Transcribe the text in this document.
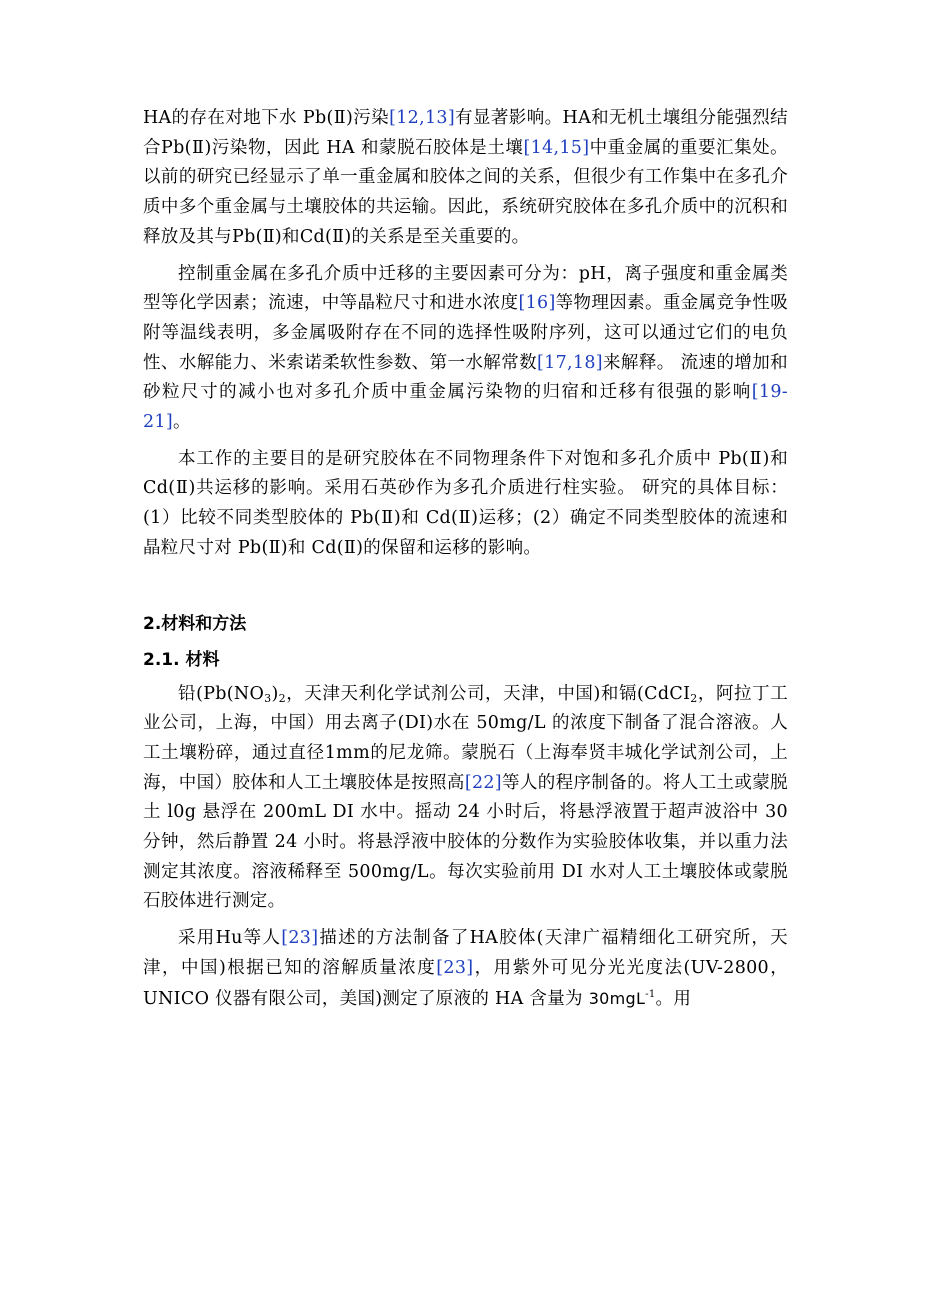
HA的存在对地下水 Pb(Ⅱ)污染[12,13]有显著影响。HA和无机土壤组分能强烈结合Pb(Ⅱ)污染物，因此 HA 和蒙脱石胶体是土壤[14,15]中重金属的重要汇集处。以前的研究已经显示了单一重金属和胶体之间的关系，但很少有工作集中在多孔介质中多个重金属与土壤胶体的共运输。因此，系统研究胶体在多孔介质中的沉积和释放及其与Pb(Ⅱ)和Cd(Ⅱ)的关系是至关重要的。

控制重金属在多孔介质中迁移的主要因素可分为：pH，离子强度和重金属类型等化学因素；流速，中等晶粒尺寸和进水浓度[16]等物理因素。重金属竞争性吸附等温线表明，多金属吸附存在不同的选择性吸附序列，这可以通过它们的电负性、水解能力、米索诺柔软性参数、第一水解常数[17,18]来解释。 流速的增加和砂粒尺寸的减小也对多孔介质中重金属污染物的归宿和迁移有很强的影响[19-21]。

本工作的主要目的是研究胶体在不同物理条件下对饱和多孔介质中 Pb(Ⅱ)和 Cd(Ⅱ)共运移的影响。采用石英砂作为多孔介质进行柱实验。 研究的具体目标：(1）比较不同类型胶体的 Pb(Ⅱ)和 Cd(Ⅱ)运移；(2）确定不同类型胶体的流速和晶粒尺寸对 Pb(Ⅱ)和 Cd(Ⅱ)的保留和运移的影响。

2.材料和方法
2.1. 材料

铅($Pb(NO_3)_2$，天津天利化学试剂公司，天津，中国)和镉(CdCI$_2$，阿拉丁工业公司，上海，中国）用去离子(DI)水在 50mg/L 的浓度下制备了混合溶液。人工土壤粉碎，通过直径1mm的尼龙筛。蒙脱石（上海奉贤丰城化学试剂公司，上海，中国）胶体和人工土壤胶体是按照高[22]等人的程序制备的。将人工土或蒙脱土 l0g 悬浮在 200mL DI 水中。摇动 24 小时后，将悬浮液置于超声波浴中 30 分钟，然后静置 24 小时。将悬浮液中胶体的分数作为实验胶体收集，并以重力法测定其浓度。溶液稀释至 500mg/L。每次实验前用 DI 水对人工土壤胶体或蒙脱石胶体进行测定。

采用Hu等人[23]描述的方法制备了HA胶体(天津广福精细化工研究所，天津，中国)根据已知的溶解质量浓度[23]，用紫外可见分光光度法(UV-2800，UNICO 仪器有限公司，美国)测定了原液的 HA 含量为 30mgL$^{-1}$。用
